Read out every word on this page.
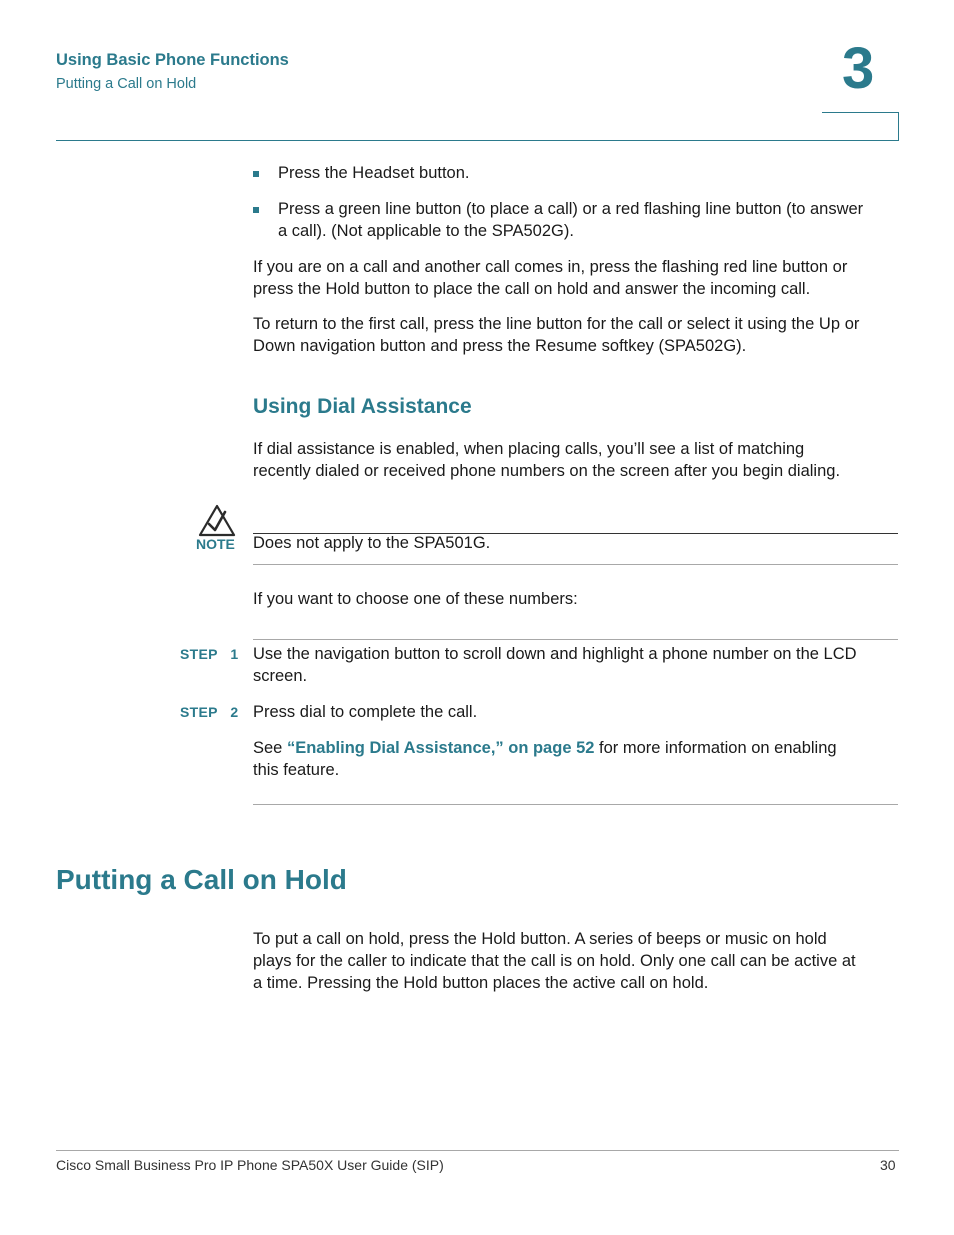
Using Basic Phone Functions
Putting a Call on Hold	3
Press the Headset button.
Press a green line button (to place a call) or a red flashing line button (to answer
a call). (Not applicable to the SPA502G).
If you are on a call and another call comes in, press the flashing red line button or
press the Hold button to place the call on hold and answer the incoming call.
To return to the first call, press the line button for the call or select it using the Up or
Down navigation button and press the Resume softkey (SPA502G).
Using Dial Assistance
If dial assistance is enabled, when placing calls, you’ll see a list of matching
recently dialed or received phone numbers on the screen after you begin dialing.
NOTE Does not apply to the SPA501G.
If you want to choose one of these numbers:
STEP 1 Use the navigation button to scroll down and highlight a phone number on the LCD
screen.
STEP 2 Press dial to complete the call.
See “Enabling Dial Assistance,” on page 52 for more information on enabling
this feature.
Putting a Call on Hold
To put a call on hold, press the Hold button. A series of beeps or music on hold
plays for the caller to indicate that the call is on hold. Only one call can be active at
a time. Pressing the Hold button places the active call on hold.
Cisco Small Business Pro IP Phone SPA50X User Guide (SIP)	30
